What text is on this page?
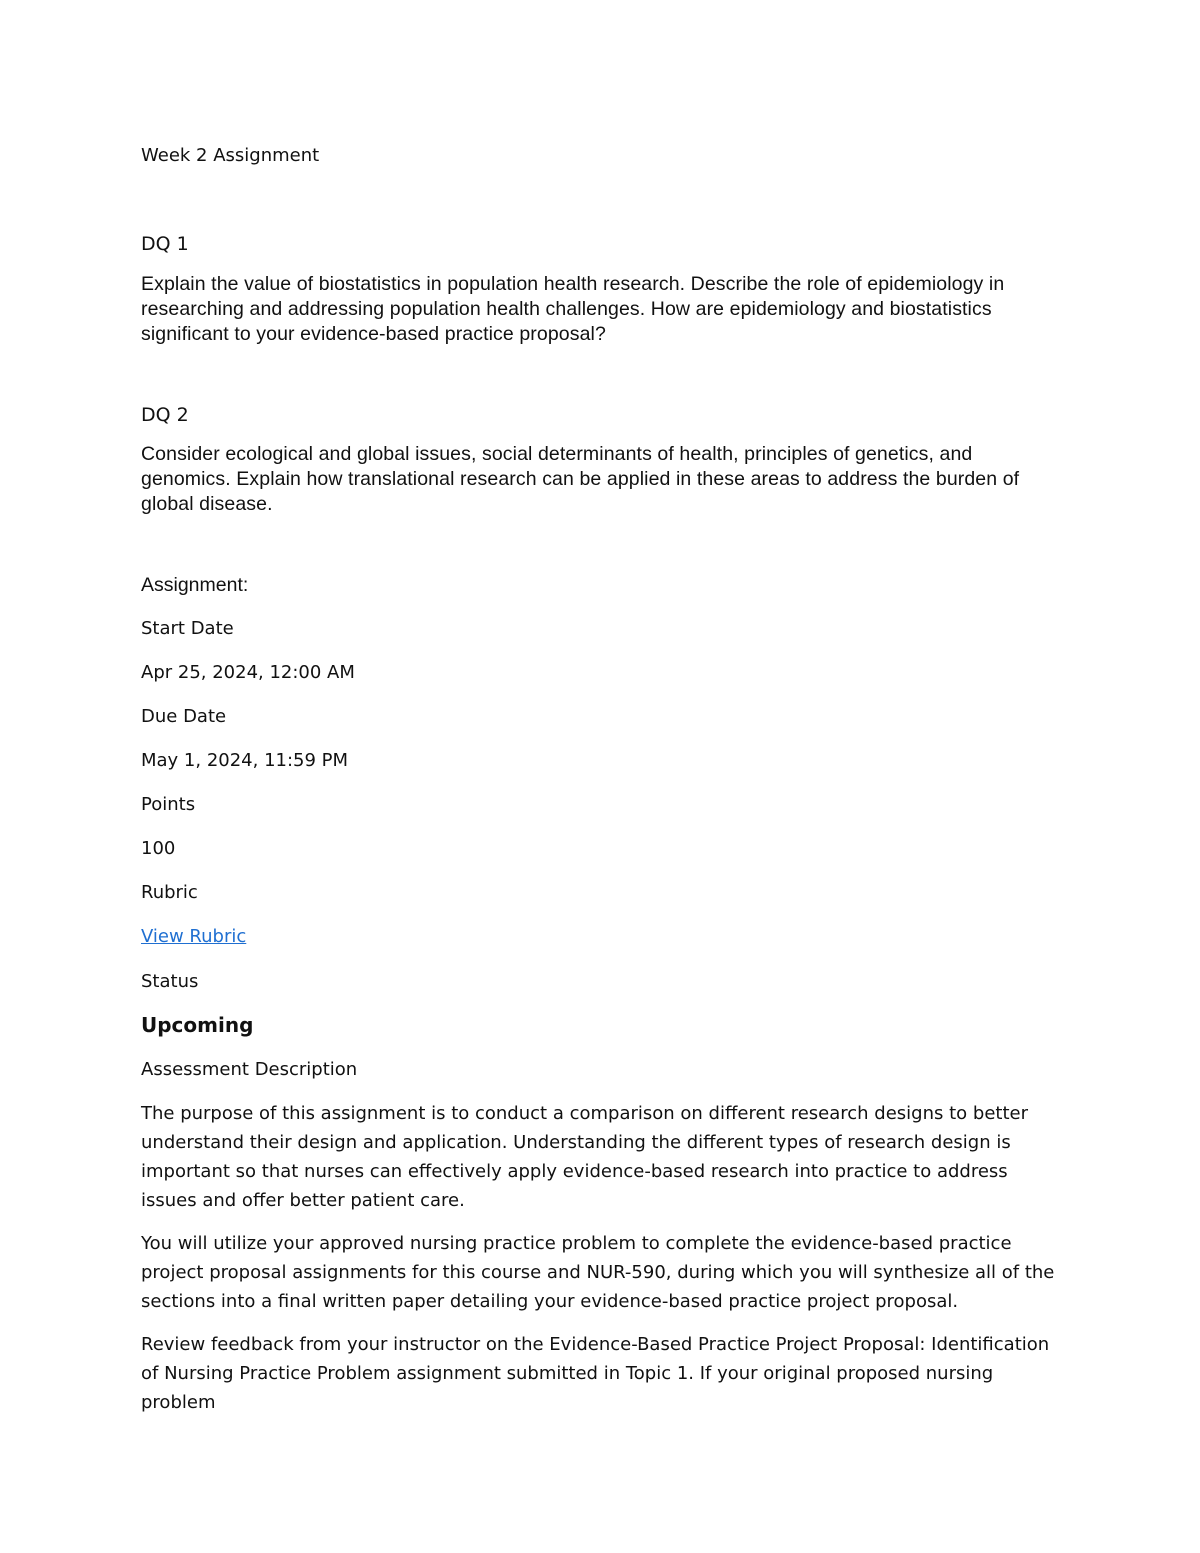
Week 2 Assignment

DQ 1

Explain the value of biostatistics in population health research. Describe the role of epidemiology in researching and addressing population health challenges. How are epidemiology and biostatistics significant to your evidence-based practice proposal?

DQ 2

Consider ecological and global issues, social determinants of health, principles of genetics, and genomics. Explain how translational research can be applied in these areas to address the burden of global disease.

Assignment:

Start Date

Apr 25, 2024, 12:00 AM

Due Date

May 1, 2024, 11:59 PM

Points

100

Rubric

View Rubric

Status

Upcoming

Assessment Description

The purpose of this assignment is to conduct a comparison on different research designs to better understand their design and application. Understanding the different types of research design is important so that nurses can effectively apply evidence-based research into practice to address issues and offer better patient care.

You will utilize your approved nursing practice problem to complete the evidence-based practice project proposal assignments for this course and NUR-590, during which you will synthesize all of the sections into a final written paper detailing your evidence-based practice project proposal.

Review feedback from your instructor on the Evidence-Based Practice Project Proposal: Identification of Nursing Practice Problem assignment submitted in Topic 1. If your original proposed nursing problem
